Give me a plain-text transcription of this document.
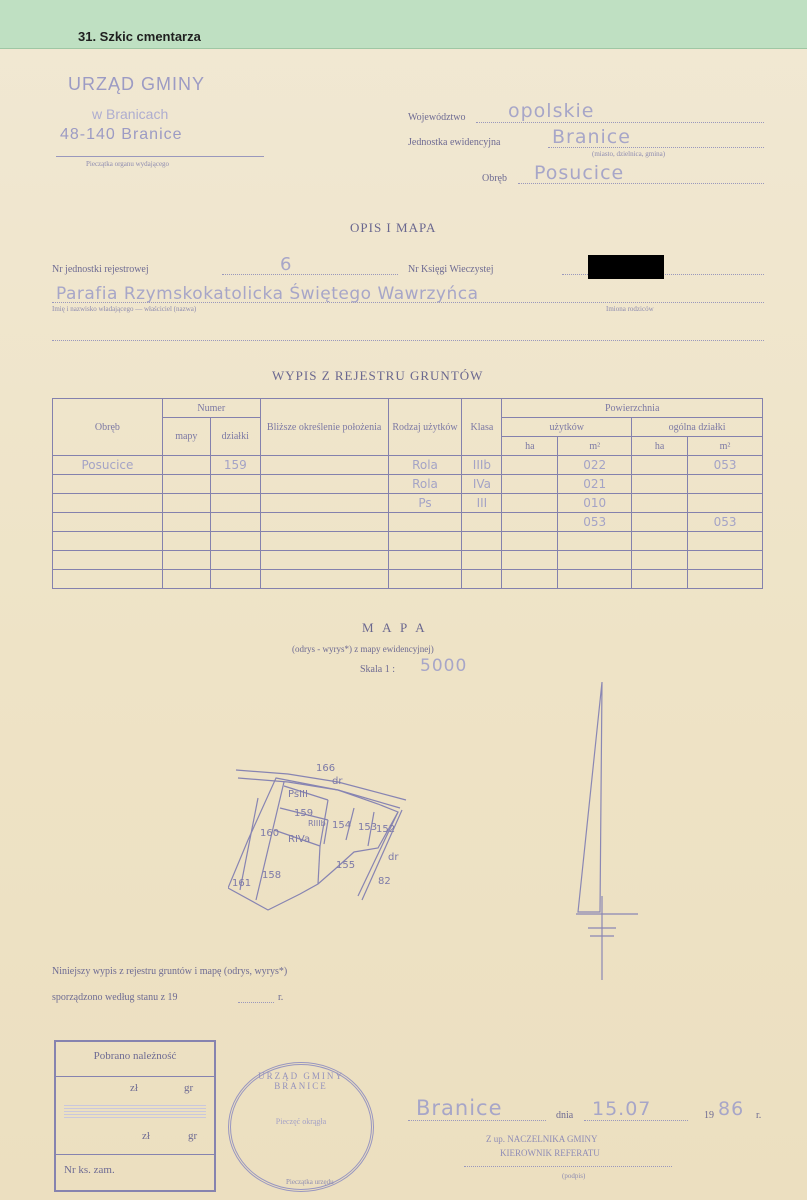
31. Szkic cmentarza
URZĄD GMINY
w Branicach
48-140 Branice
Pieczątka organu wydającego
Województwo opolskie
Jednostka ewidencyjna	Branice
(miasto, dzielnica, gmina)
Obręb Posucice
OPIS I MAPA
Nr jednostki rejestrowej	6	Nr Księgi Wieczystej
Parafia Rzymskokatolicka Świętego Wawrzyńca
Imię i nazwisko władającego — właściciel (nazwa)	Imiona rodziców
WYPIS Z REJESTRU GRUNTÓW
Obręb	Numer		Bliższe określenie położenia	Rodzaj użytków	Klasa	Powierzchnia			
	mapy	działki				użytków		ogólna działki	
						ha	m²	ha	m²
Posucice		159		Rola	IIIb		022		053
				Rola	IVa		021		
				Ps	III		010		
							053		053

M A P A
(odrys - wyrys*) z mapy ewidencyjnej)
Skala 1 : 5000
166
dr
PsIII
159
RIIIb 154 153
152
160
RIVa
161
158
155
dr
82
Niniejszy wypis z rejestru gruntów i mapę (odrys, wyrys*)
sporządzono według stanu z 19	r.
Pobrano należność
zł	gr
zł	gr
Nr ks. zam.
URZĄD GMINY BRANICE
Pieczęć okrągła
Pieczątka urzędu
Branice	dnia 15.07	19 86 r.
Z up. NACZELNIKA GMINY
KIEROWNIK REFERATU
(podpis)
